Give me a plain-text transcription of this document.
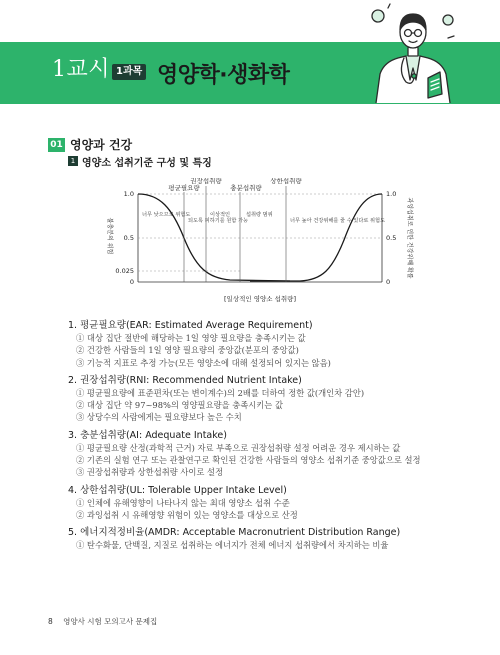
1교시 1과목 영양학·생화학
01 영양과 건강
1 영양소 섭취기준 구성 및 특징
평균필요량
권장섭취량
충분섭취량
상한섭취량
1.0
0.5
0.025
0
1.0
0.5
0
불충분의 위험	과잉섭취로 인한 건강위해 확률
[일상적인 영양소 섭취량]
너무 낮으므로 위험도
되도록 피하기를 원함 가능
이상적인	섭취량 범위
너무 높아 건강위해를 줄 수 있다로 위험도
1. 평균필요량(EAR: Estimated Average Requirement)
① 대상 집단 절반에 해당하는 1일 영양 필요량을 충족시키는 값
② 건강한 사람들의 1일 영양 필요량의 중앙값(분포의 중앙값)
③ 기능적 지표로 추정 가능(모든 영양소에 대해 설정되어 있지는 않음)
2. 권장섭취량(RNI: Recommended Nutrient Intake)
① 평균필요량에 표준편차(또는 변이계수)의 2배를 더하여 정한 값(개인차 감안)
② 대상 집단 약 97~98%의 영양필요량을 충족시키는 값
③ 상당수의 사람에게는 필요량보다 높은 수치
3. 충분섭취량(AI: Adequate Intake)
① 평균필요량 산정(과학적 근거) 자료 부족으로 권장섭취량 설정 어려운 경우 제시하는 값
② 기존의 실험 연구 또는 관찰연구로 확인된 건강한 사람들의 영양소 섭취기준 중앙값으로 설정
③ 권장섭취량과 상한섭취량 사이로 설정
4. 상한섭취량(UL: Tolerable Upper Intake Level)
① 인체에 유해영향이 나타나지 않는 최대 영양소 섭취 수준
② 과잉섭취 시 유해영향 위험이 있는 영양소를 대상으로 산정
5. 에너지적정비율(AMDR: Acceptable Macronutrient Distribution Range)
① 탄수화물, 단백질, 지질로 섭취하는 에너지가 전체 에너지 섭취량에서 차지하는 비율
8 영양사 시험 모의고사 문제집
